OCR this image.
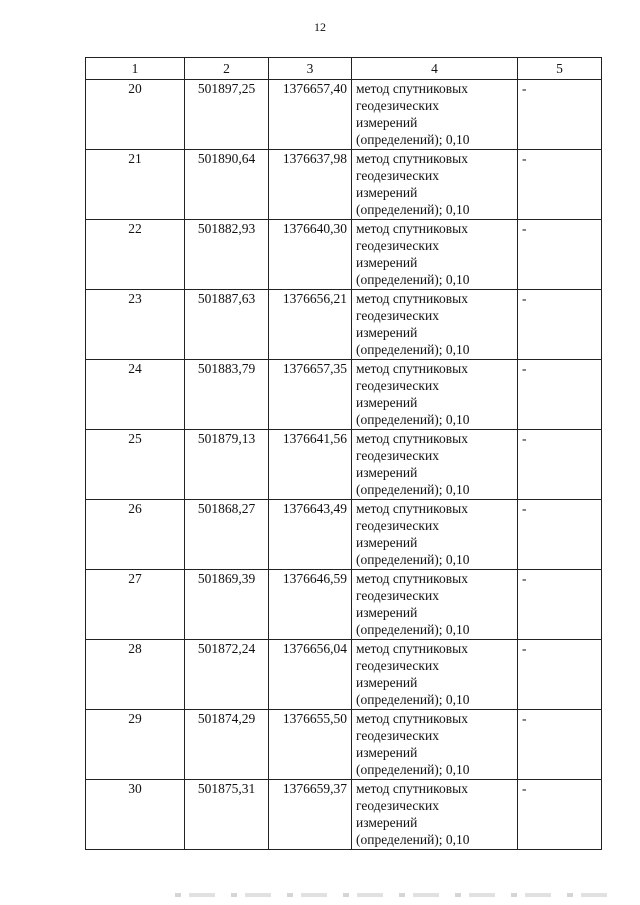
12
1	2	3	4	5
20	501897,25	1376657,40	метод спутниковых
геодезических
измерений
(определений); 0,10	-
21	501890,64	1376637,98	метод спутниковых
геодезических
измерений
(определений); 0,10	-
22	501882,93	1376640,30	метод спутниковых
геодезических
измерений
(определений); 0,10	-
23	501887,63	1376656,21	метод спутниковых
геодезических
измерений
(определений); 0,10	-
24	501883,79	1376657,35	метод спутниковых
геодезических
измерений
(определений); 0,10	-
25	501879,13	1376641,56	метод спутниковых
геодезических
измерений
(определений); 0,10	-
26	501868,27	1376643,49	метод спутниковых
геодезических
измерений
(определений); 0,10	-
27	501869,39	1376646,59	метод спутниковых
геодезических
измерений
(определений); 0,10	-
28	501872,24	1376656,04	метод спутниковых
геодезических
измерений
(определений); 0,10	-
29	501874,29	1376655,50	метод спутниковых
геодезических
измерений
(определений); 0,10	-
30	501875,31	1376659,37	метод спутниковых
геодезических
измерений
(определений); 0,10	-
